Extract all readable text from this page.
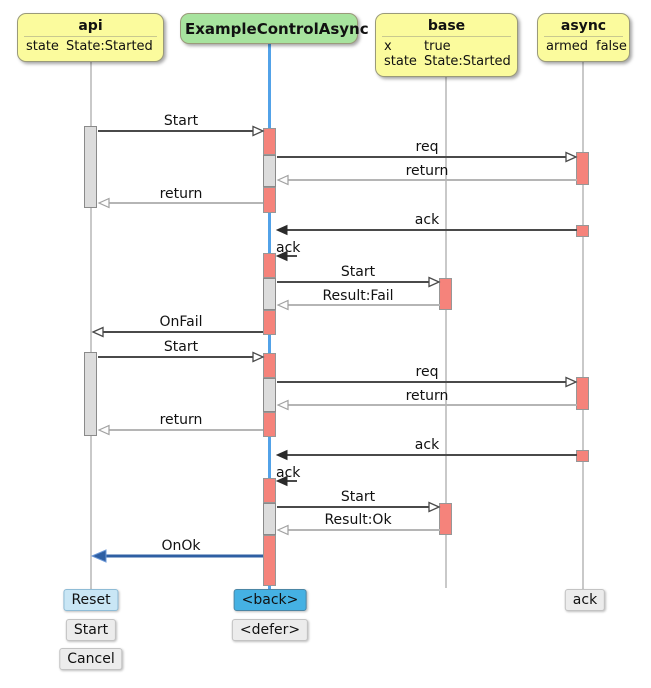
Start
req
return
return
ack
ack
Start
Result:Fail
OnFail
Start
req
return
return
ack
ack
Start
Result:Ok
OnOk
api
state State:Started
ExampleControlAsync	base
x	true
state State:Started
async
armed false
Reset
Start
Cancel
<back>
<defer>
ack
